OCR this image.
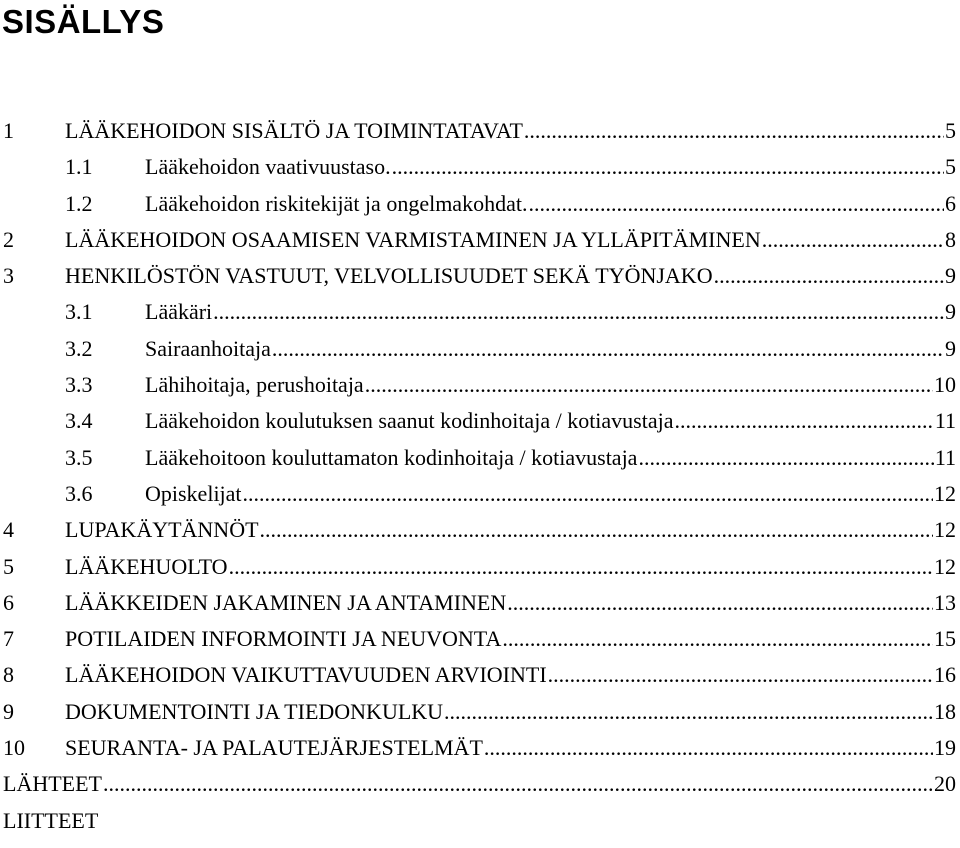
SISÄLLYS
1 LÄÄKEHOIDON SISÄLTÖ JA TOIMINTATAVAT .....	5
1.1 Lääkehoidon vaativuustaso. .....	5
1.2 Lääkehoidon riskitekijät ja ongelmakohdat. .....	6
2 LÄÄKEHOIDON OSAAMISEN VARMISTAMINEN JA YLLÄPITÄMINEN .....	8
3 HENKILÖSTÖN VASTUUT, VELVOLLISUUDET SEKÄ TYÖNJAKO .....	9
3.1 Lääkäri .....	9
3.2 Sairaanhoitaja .....	9
3.3 Lähihoitaja, perushoitaja .....	10
3.4 Lääkehoidon koulutuksen saanut kodinhoitaja / kotiavustaja .....	11
3.5 Lääkehoitoon kouluttamaton kodinhoitaja / kotiavustaja .....	11
3.6 Opiskelijat .....	12
4 LUPAKÄYTÄNNÖT .....	12
5 LÄÄKEHUOLTO .....	12
6 LÄÄKKEIDEN JAKAMINEN JA ANTAMINEN .....	13
7 POTILAIDEN INFORMOINTI JA NEUVONTA .....	15
8 LÄÄKEHOIDON VAIKUTTAVUUDEN ARVIOINTI .....	16
9 DOKUMENTOINTI JA TIEDONKULKU .....	18
10 SEURANTA- JA PALAUTEJÄRJESTELMÄT .....	19
LÄHTEET .....	20
LIITTEET
